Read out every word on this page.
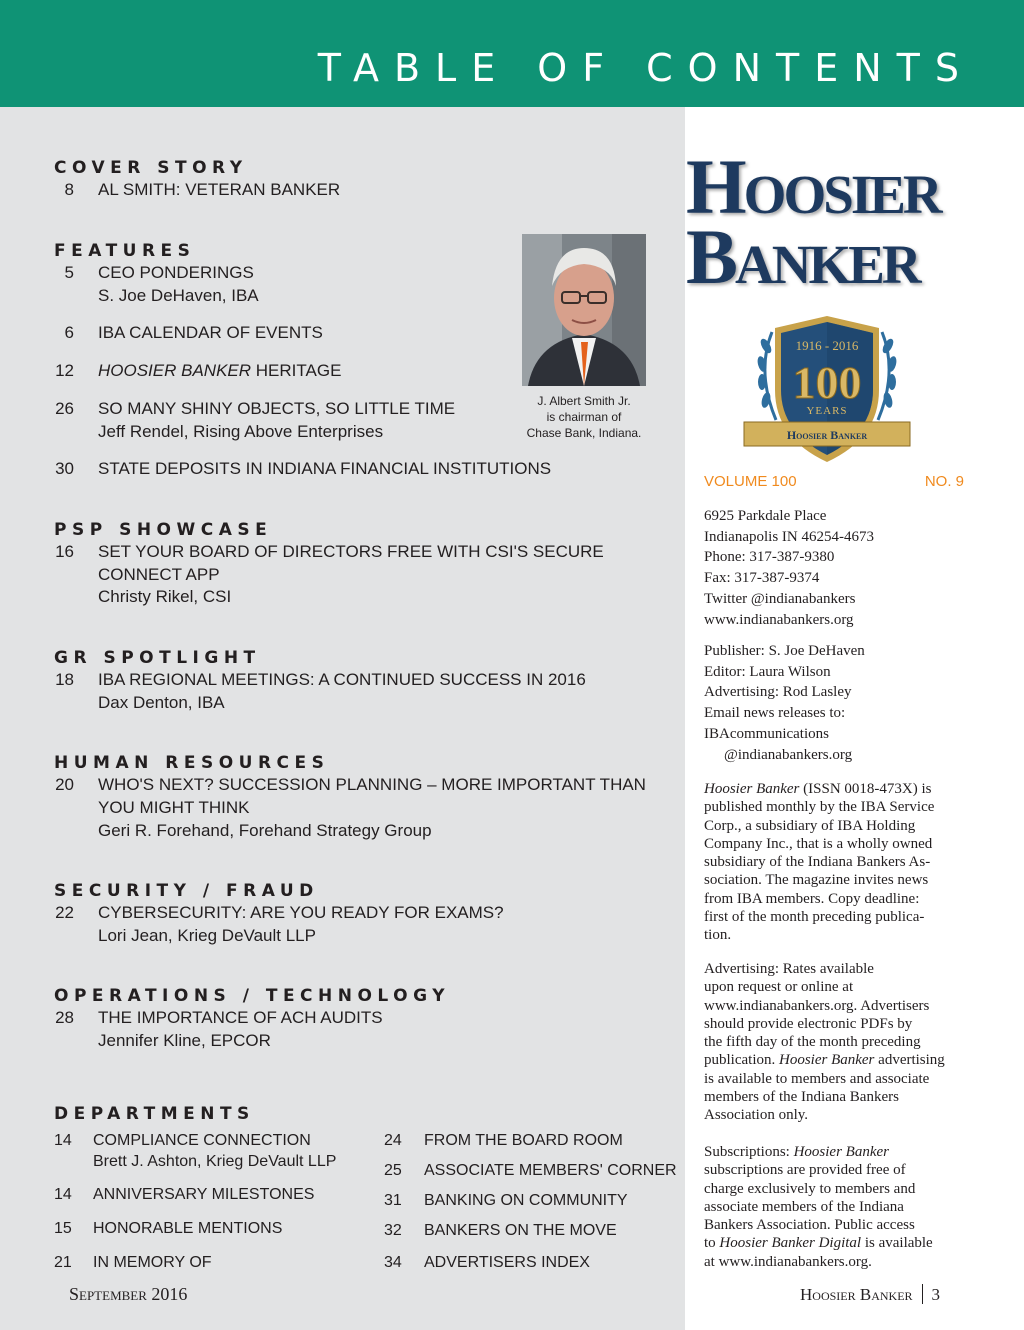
TABLE OF CONTENTS
COVER STORY
8 AL SMITH: VETERAN BANKER
FEATURES
5 CEO PONDERINGS
S. Joe DeHaven, IBA
6 IBA CALENDAR OF EVENTS
12 HOOSIER BANKER HERITAGE
26 SO MANY SHINY OBJECTS, SO LITTLE TIME
Jeff Rendel, Rising Above Enterprises
30 STATE DEPOSITS IN INDIANA FINANCIAL INSTITUTIONS
J. Albert Smith Jr.
is chairman of
Chase Bank, Indiana.
PSP SHOWCASE
16 SET YOUR BOARD OF DIRECTORS FREE WITH CSI'S SECURE
CONNECT APP
Christy Rikel, CSI
GR SPOTLIGHT
18 IBA REGIONAL MEETINGS: A CONTINUED SUCCESS IN 2016
Dax Denton, IBA
HUMAN RESOURCES
20 WHO'S NEXT? SUCCESSION PLANNING – MORE IMPORTANT THAN
YOU MIGHT THINK
Geri R. Forehand, Forehand Strategy Group
SECURITY / FRAUD
22 CYBERSECURITY: ARE YOU READY FOR EXAMS?
Lori Jean, Krieg DeVault LLP
OPERATIONS / TECHNOLOGY
28 THE IMPORTANCE OF ACH AUDITS
Jennifer Kline, EPCOR
DEPARTMENTS
14 COMPLIANCE CONNECTION
Brett J. Ashton, Krieg DeVault LLP
14 ANNIVERSARY MILESTONES
15 HONORABLE MENTIONS
21 IN MEMORY OF
24 FROM THE BOARD ROOM
25 ASSOCIATE MEMBERS' CORNER
31 BANKING ON COMMUNITY
32 BANKERS ON THE MOVE
34 ADVERTISERS INDEX
September 2016
Hoosier
Banker
1916 - 2016
100
YEARS
Hoosier Banker
VOLUME 100	NO. 9

6925 Parkdale Place

Indianapolis IN 46254-4673

Phone: 317-387-9380

Fax: 317-387-9374

Twitter @indianabankers

www.indianabankers.org

Publisher: S. Joe DeHaven

Editor: Laura Wilson

Advertising: Rod Lasley

Email news releases to:

IBAcommunications

@indianabankers.org

Hoosier Banker (ISSN 0018-473X) is

published monthly by the IBA Service

Corp., a subsidiary of IBA Holding

Company Inc., that is a wholly owned

subsidiary of the Indiana Bankers As-

sociation. The magazine invites news

from IBA members. Copy deadline:

first of the month preceding publica-

tion.

Advertising: Rates available

upon request or online at

www.indianabankers.org. Advertisers

should provide electronic PDFs by

the fifth day of the month preceding

publication. Hoosier Banker advertising

is available to members and associate

members of the Indiana Bankers

Association only.

Subscriptions: Hoosier Banker

subscriptions are provided free of

charge exclusively to members and

associate members of the Indiana

Bankers Association. Public access

to Hoosier Banker Digital is available

at www.indianabankers.org.

Hoosier Banker 3
